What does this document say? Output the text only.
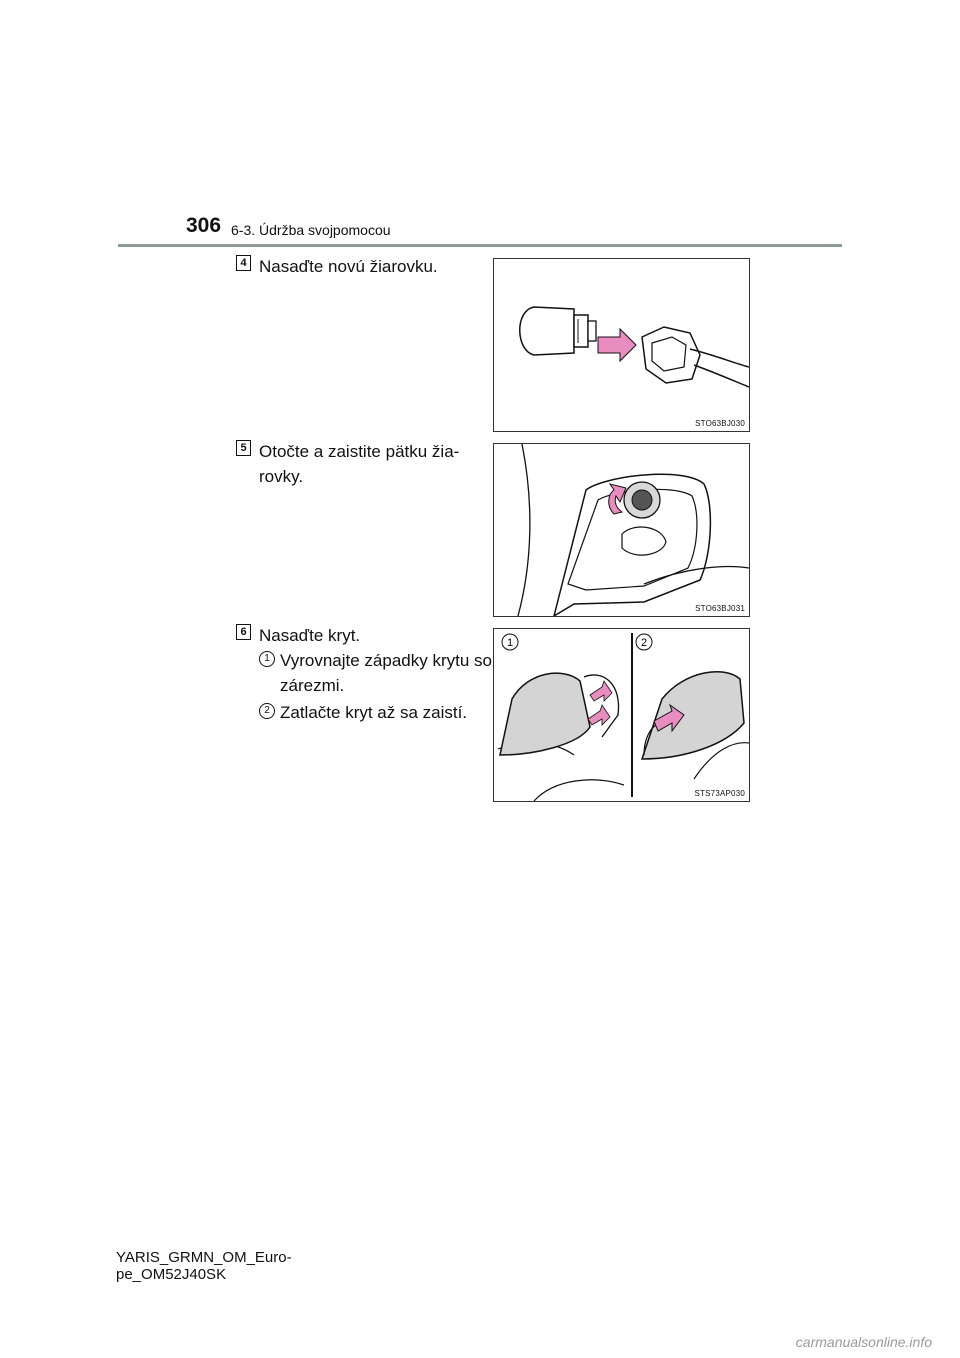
306 6-3. Údržba svojpomocou
4 Nasaďte novú žiarovku.
STO63BJ030
5 Otočte a zaistite pätku žia-
rovky.
STO63BJ031
6 Nasaďte kryt.
1 Vyrovnajte západky krytu so
zárezmi.
2 Zatlačte kryt až sa zaistí.
1	2
STS73AP030
YARIS_GRMN_OM_Euro-
pe_OM52J40SK
carmanualsonline.info
